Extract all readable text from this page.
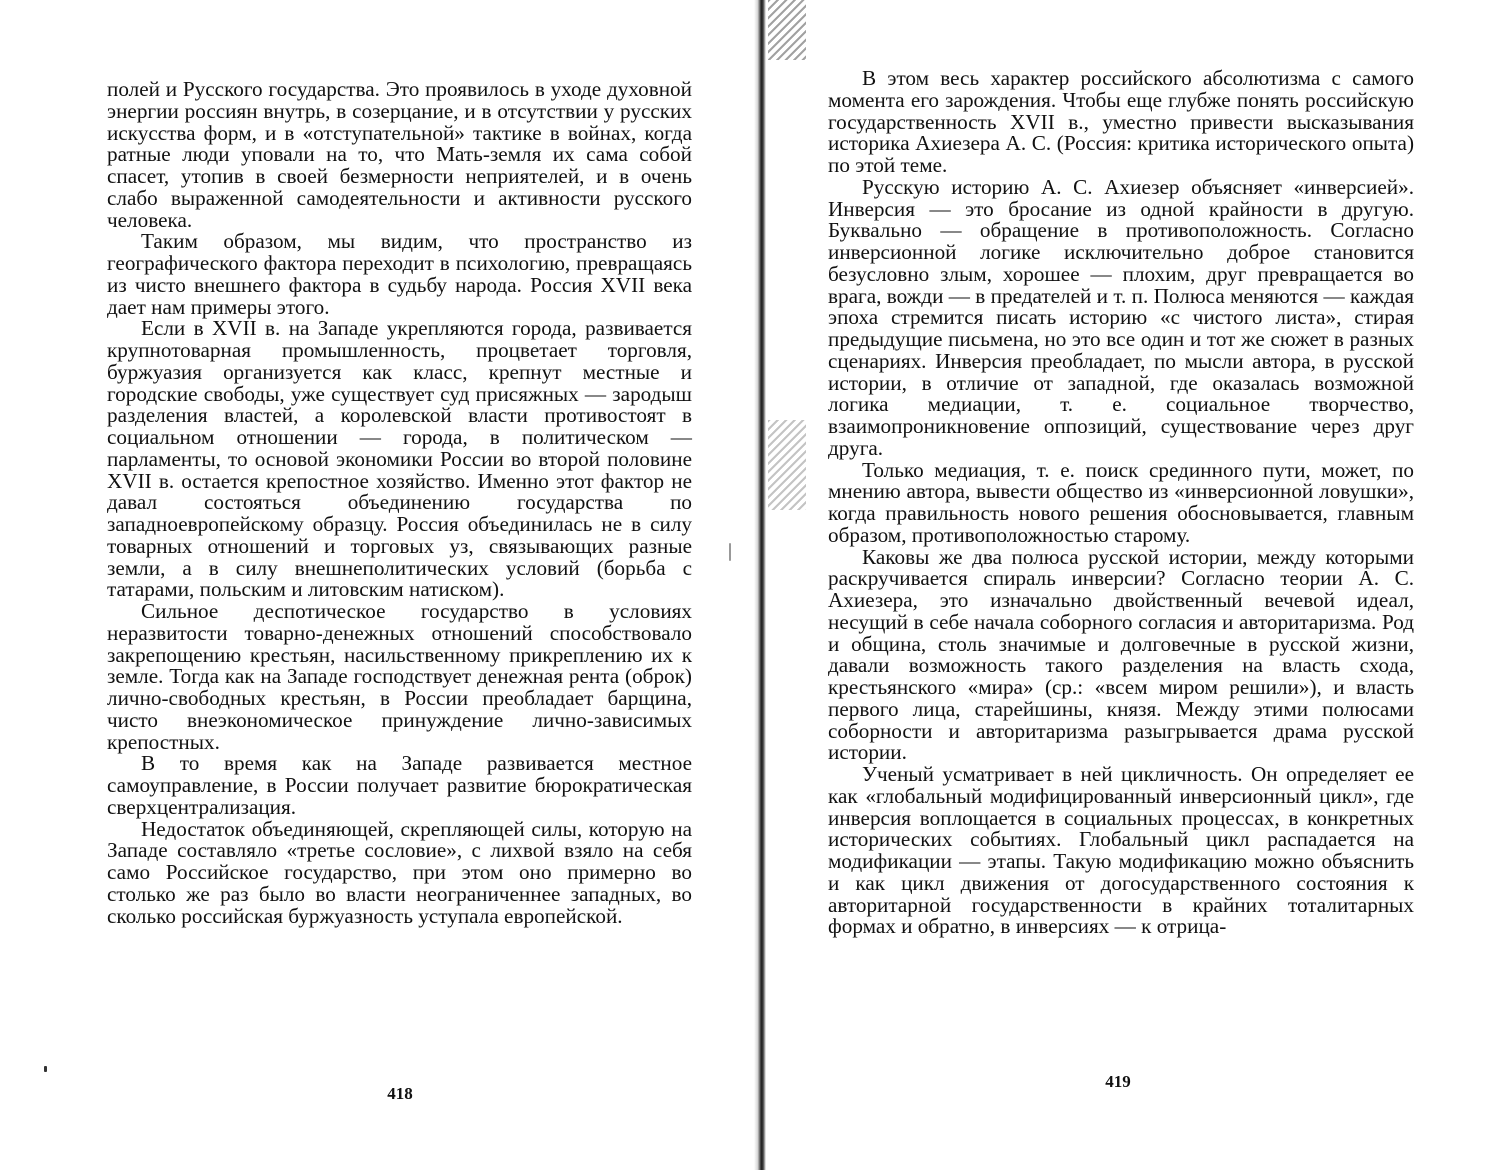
полей и Русского государства. Это проявилось в уходе духовной энергии россиян внутрь, в созерцание, и в отсутствии у русских искусства форм, и в «отступательной» тактике в войнах, когда ратные люди уповали на то, что Мать-земля их сама собой спасет, утопив в своей безмерности неприятелей, и в очень слабо выраженной самодеятельности и активности русского человека.

Таким образом, мы видим, что пространство из географического фактора переходит в психологию, превращаясь из чисто внешнего фактора в судьбу народа. Россия XVII века дает нам примеры этого.

Если в XVII в. на Западе укрепляются города, развивается крупнотоварная промышленность, процветает торговля, буржуазия организуется как класс, крепнут местные и городские свободы, уже существует суд присяжных — зародыш разделения властей, а королевской власти противостоят в социальном отношении — города, в политическом — парламенты, то основой экономики России во второй половине XVII в. остается крепостное хозяйство. Именно этот фактор не давал состояться объединению государства по западноевропейскому образцу. Россия объединилась не в силу товарных отношений и торговых уз, связывающих разные земли, а в силу внешнеполитических условий (борьба с татарами, польским и литовским натиском).

Сильное деспотическое государство в условиях неразвитости товарно-денежных отношений способствовало закрепощению крестьян, насильственному прикреплению их к земле. Тогда как на Западе господствует денежная рента (оброк) лично-свободных крестьян, в России преобладает барщина, чисто внеэкономическое принуждение лично-зависимых крепостных.

В то время как на Западе развивается местное самоуправление, в России получает развитие бюрократическая сверхцентрализация.

Недостаток объединяющей, скрепляющей силы, которую на Западе составляло «третье сословие», с лихвой взяло на себя само Российское государство, при этом оно примерно во столько же раз было во власти неограниченнее западных, во сколько российская буржуазность уступала европейской.

418

В этом весь характер российского абсолютизма с самого момента его зарождения. Чтобы еще глубже понять российскую государственность XVII в., уместно привести высказывания историка Ахиезера А. С. (Россия: критика исторического опыта) по этой теме.

Русскую историю А. С. Ахиезер объясняет «инверсией». Инверсия — это бросание из одной крайности в другую. Буквально — обращение в противоположность. Согласно инверсионной логике исключительно доброе становится безусловно злым, хорошее — плохим, друг превращается во врага, вожди — в предателей и т. п. Полюса меняются — каждая эпоха стремится писать историю «с чистого листа», стирая предыдущие письмена, но это все один и тот же сюжет в разных сценариях. Инверсия преобладает, по мысли автора, в русской истории, в отличие от западной, где оказалась возможной логика медиации, т. е. социальное творчество, взаимопроникновение оппозиций, существование через друг друга.

Только медиация, т. е. поиск срединного пути, может, по мнению автора, вывести общество из «инверсионной ловушки», когда правильность нового решения обосновывается, главным образом, противоположностью старому.

Каковы же два полюса русской истории, между которыми раскручивается спираль инверсии? Согласно теории А. С. Ахиезера, это изначально двойственный вечевой идеал, несущий в себе начала соборного согласия и авторитаризма. Род и община, столь значимые и долговечные в русской жизни, давали возможность такого разделения на власть схода, крестьянского «мира» (ср.: «всем миром решили»), и власть первого лица, старейшины, князя. Между этими полюсами соборности и авторитаризма разыгрывается драма русской истории.

Ученый усматривает в ней цикличность. Он определяет ее как «глобальный модифицированный инверсионный цикл», где инверсия воплощается в социальных процессах, в конкретных исторических событиях. Глобальный цикл распадается на модификации — этапы. Такую модификацию можно объяснить и как цикл движения от догосударственного состояния к авторитарной государственности в крайних тоталитарных формах и обратно, в инверсиях — к отрица-

419
